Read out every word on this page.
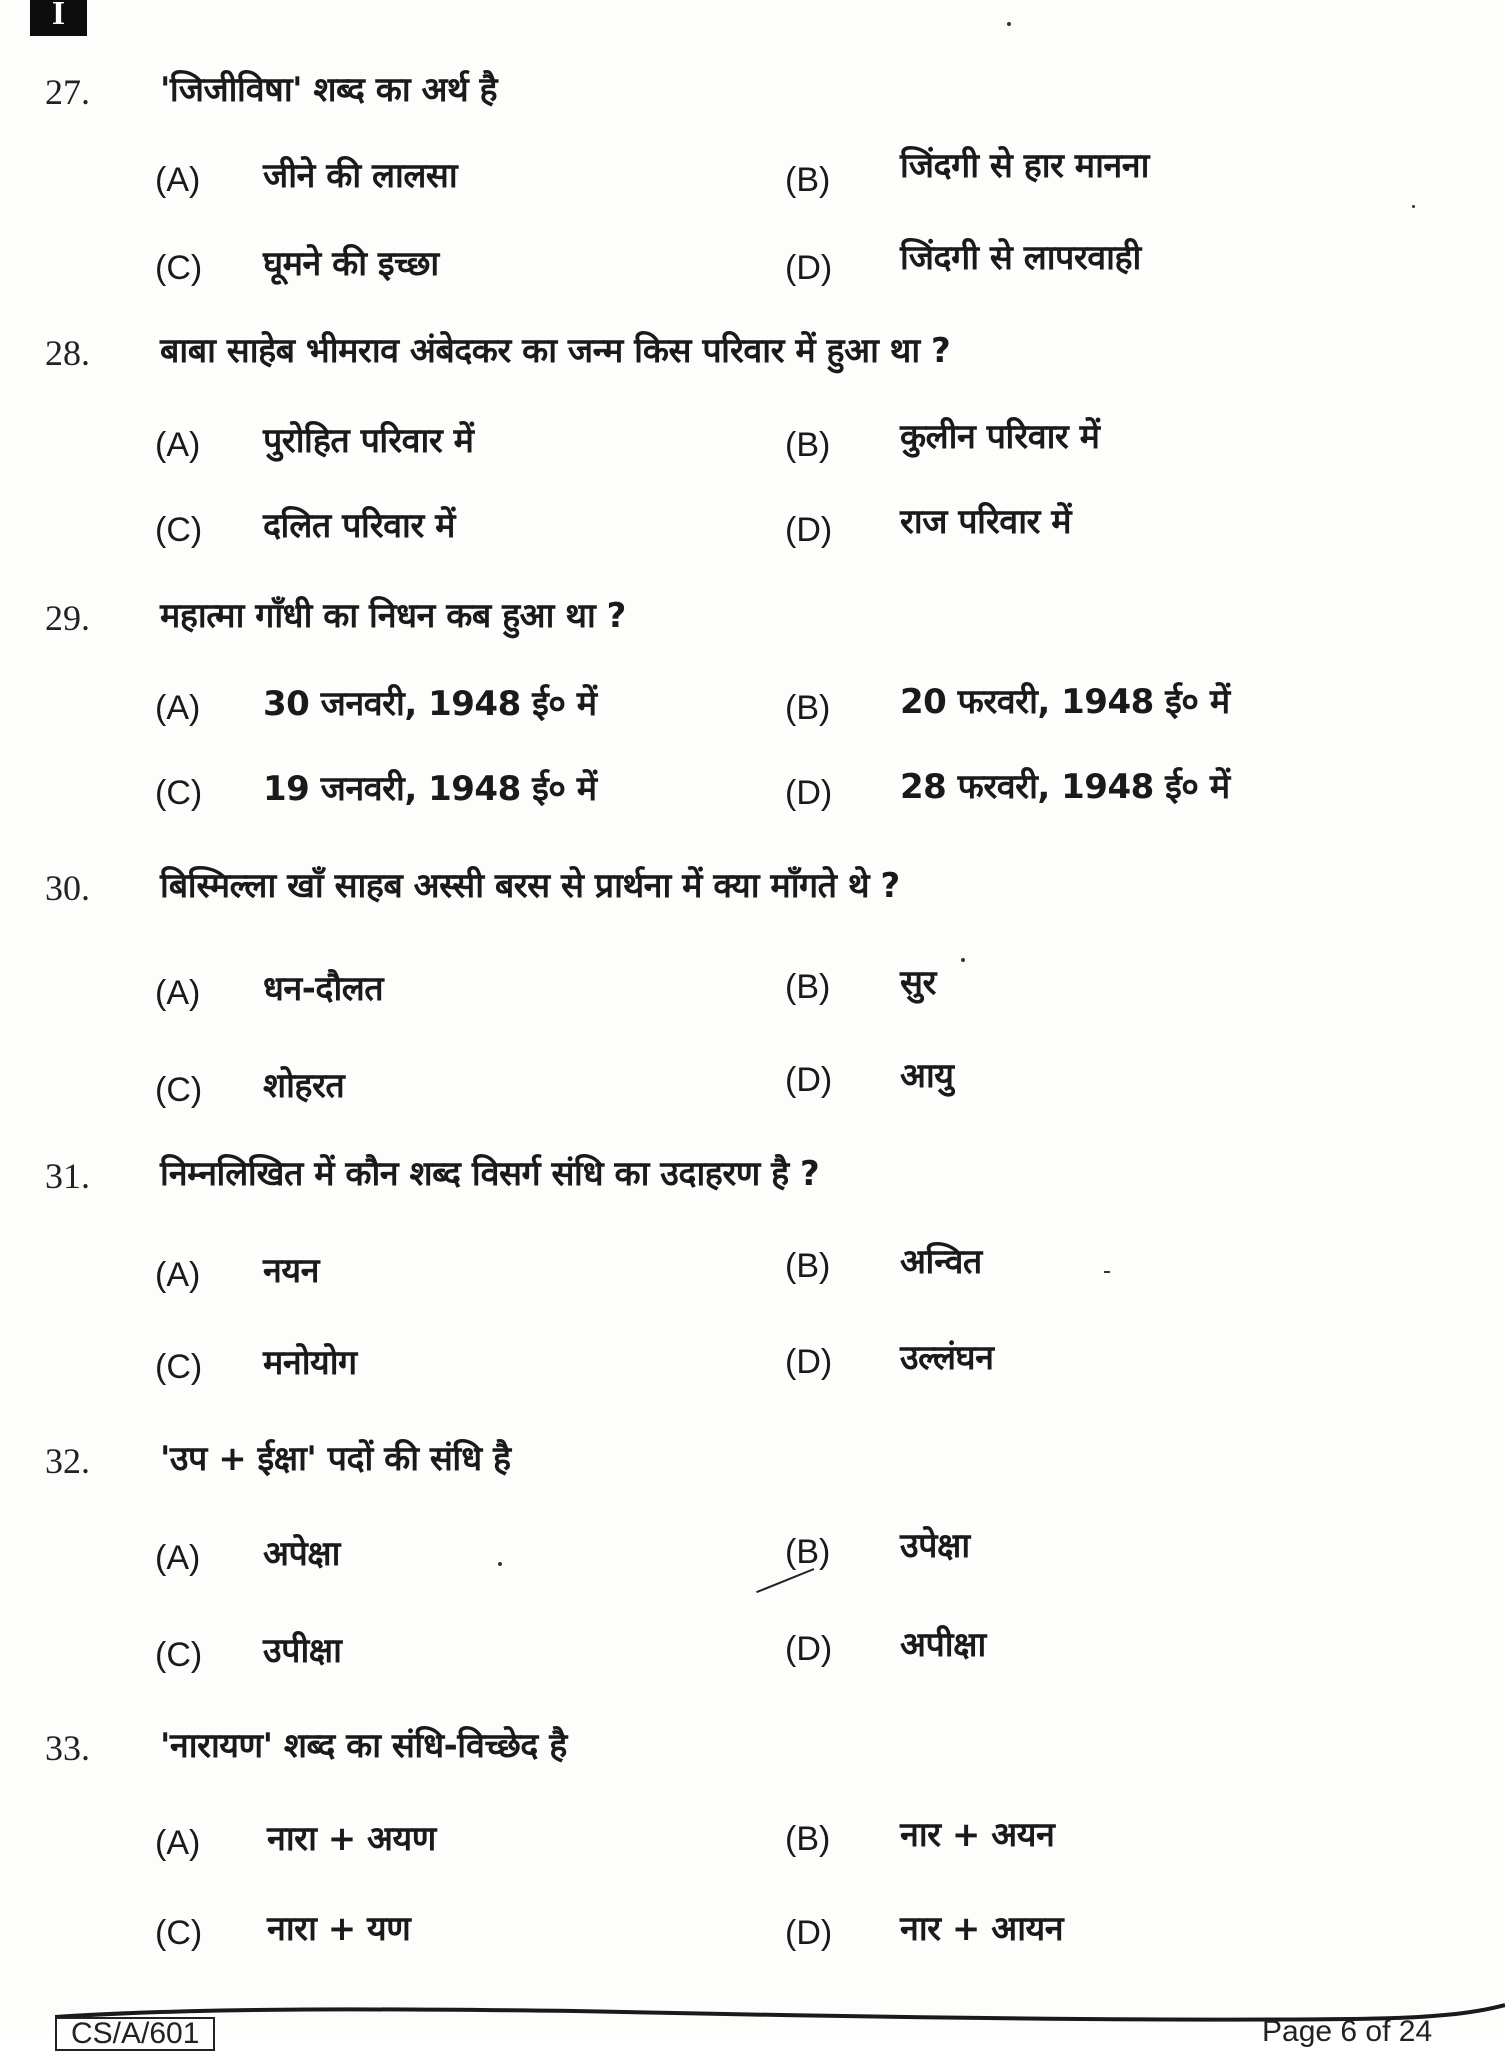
I
27. 'जिजीविषा' शब्द का अर्थ है
(A) जीने की लालसा	(B) जिंदगी से हार मानना
(C) घूमने की इच्छा	(D) जिंदगी से लापरवाही
28. बाबा साहेब भीमराव अंबेदकर का जन्म किस परिवार में हुआ था ?
(A) पुरोहित परिवार में	(B) कुलीन परिवार में
(C) दलित परिवार में	(D) राज परिवार में
29. महात्मा गाँधी का निधन कब हुआ था ?
(A) 30 जनवरी, 1948 ई० में	(B) 20 फरवरी, 1948 ई० में
(C) 19 जनवरी, 1948 ई० में	(D) 28 फरवरी, 1948 ई० में
30. बिस्मिल्ला खाँ साहब अस्सी बरस से प्रार्थना में क्या माँगते थे ?
(A) धन-दौलत	(B) सुर
(C) शोहरत	(D) आयु
31. निम्नलिखित में कौन शब्द विसर्ग संधि का उदाहरण है ?
(A) नयन	(B) अन्वित
(C) मनोयोग	(D) उल्लंघन
32. 'उप + ईक्षा' पदों की संधि है
(A) अपेक्षा	(B) उपेक्षा
(C) उपीक्षा	(D) अपीक्षा
33. 'नारायण' शब्द का संधि-विच्छेद है
(A) नारा + अयण	(B) नार + अयन
(C) नारा + यण	(D) नार + आयन
CS/A/601	Page 6 of 24
